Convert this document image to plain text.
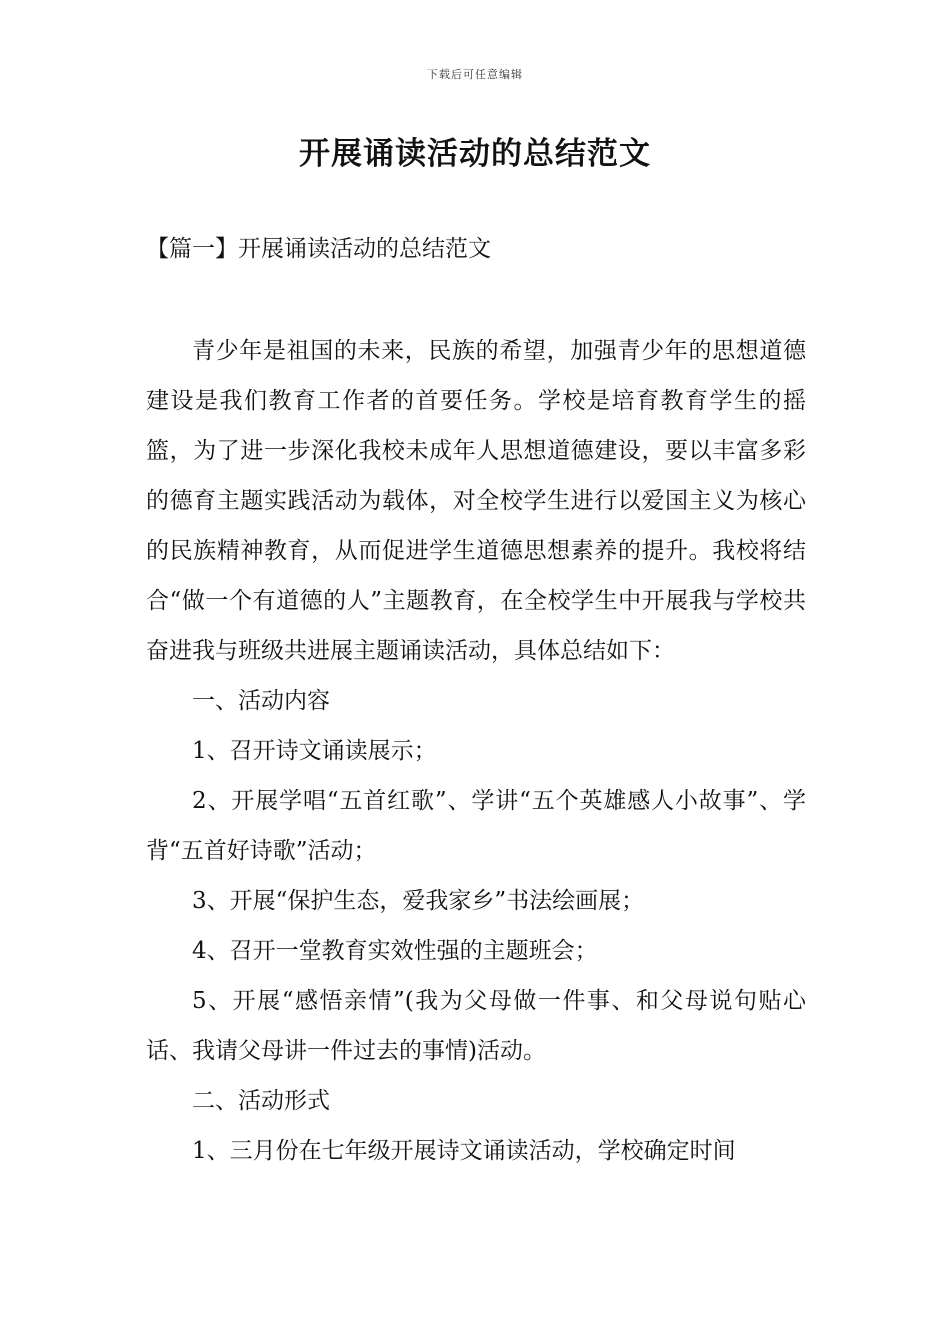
下载后可任意编辑
开展诵读活动的总结范文
【篇一】开展诵读活动的总结范文

青少年是祖国的未来，民族的希望，加强青少年的思想道德建设是我们教育工作者的首要任务。学校是培育教育学生的摇篮，为了进一步深化我校未成年人思想道德建设，要以丰富多彩的德育主题实践活动为载体，对全校学生进行以爱国主义为核心的民族精神教育，从而促进学生道德思想素养的提升。我校将结合“做一个有道德的人”主题教育，在全校学生中开展我与学校共奋进我与班级共进展主题诵读活动，具体总结如下：

一、活动内容

1、召开诗文诵读展示；

2、开展学唱“五首红歌”、学讲“五个英雄感人小故事”、学背“五首好诗歌”活动；

3、开展“保护生态，爱我家乡”书法绘画展；

4、召开一堂教育实效性强的主题班会；

5、开展“感悟亲情”(我为父母做一件事、和父母说句贴心话、我请父母讲一件过去的事情)活动。

二、活动形式

1、三月份在七年级开展诗文诵读活动，学校确定时间
